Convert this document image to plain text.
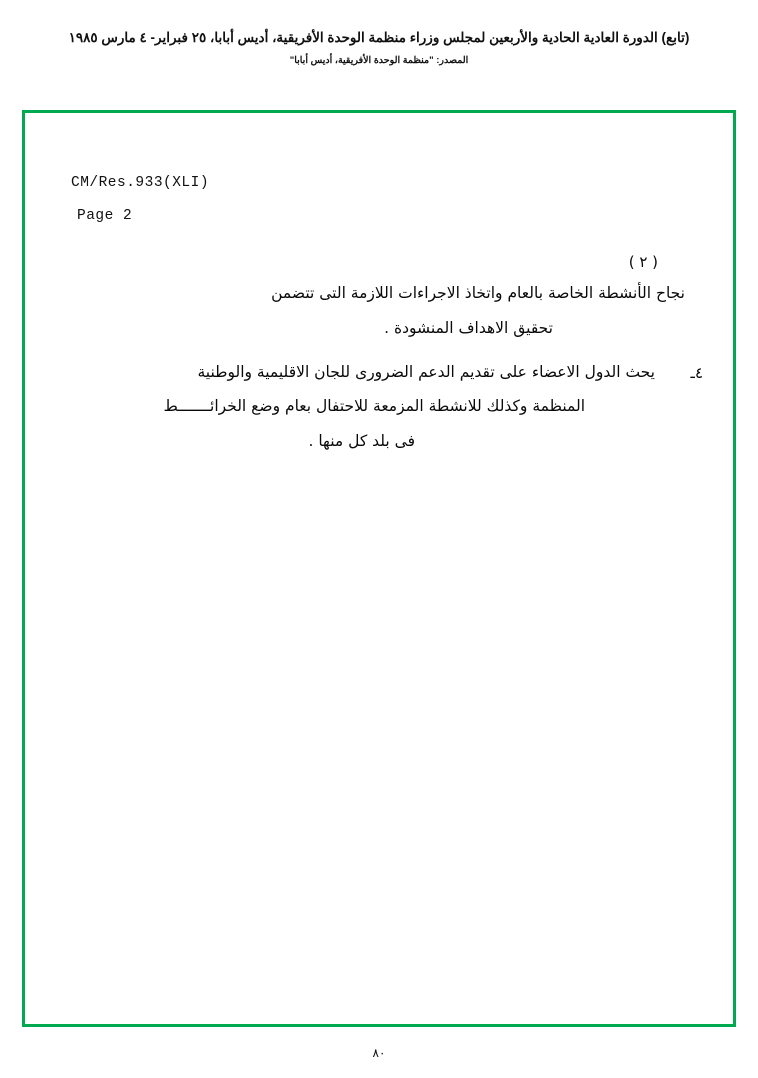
(تابع) الدورة العادية الحادية والأربعين لمجلس وزراء منظمة الوحدة الأفريقية، أديس أبابا، ٢٥ فبراير- ٤ مارس ١٩٨٥
المصدر: "منظمة الوحدة الأفريقية، أديس أبابا"
CM/Res.933(XLI)
Page 2
( ٢ )
نجاح الأنشطة الخاصة بالعام واتخاذ الاجراءات اللازمة التى تتضمن
تحقيق الاهداف المنشودة .
٤ـ
يحث الدول الاعضاء على تقديم الدعم الضرورى للجان الاقليمية والوطنية
المنظمة وكذلك للانشطة المزمعة للاحتفال بعام وضع الخرائـــــــط
فى بلد كل منها .
٨٠
